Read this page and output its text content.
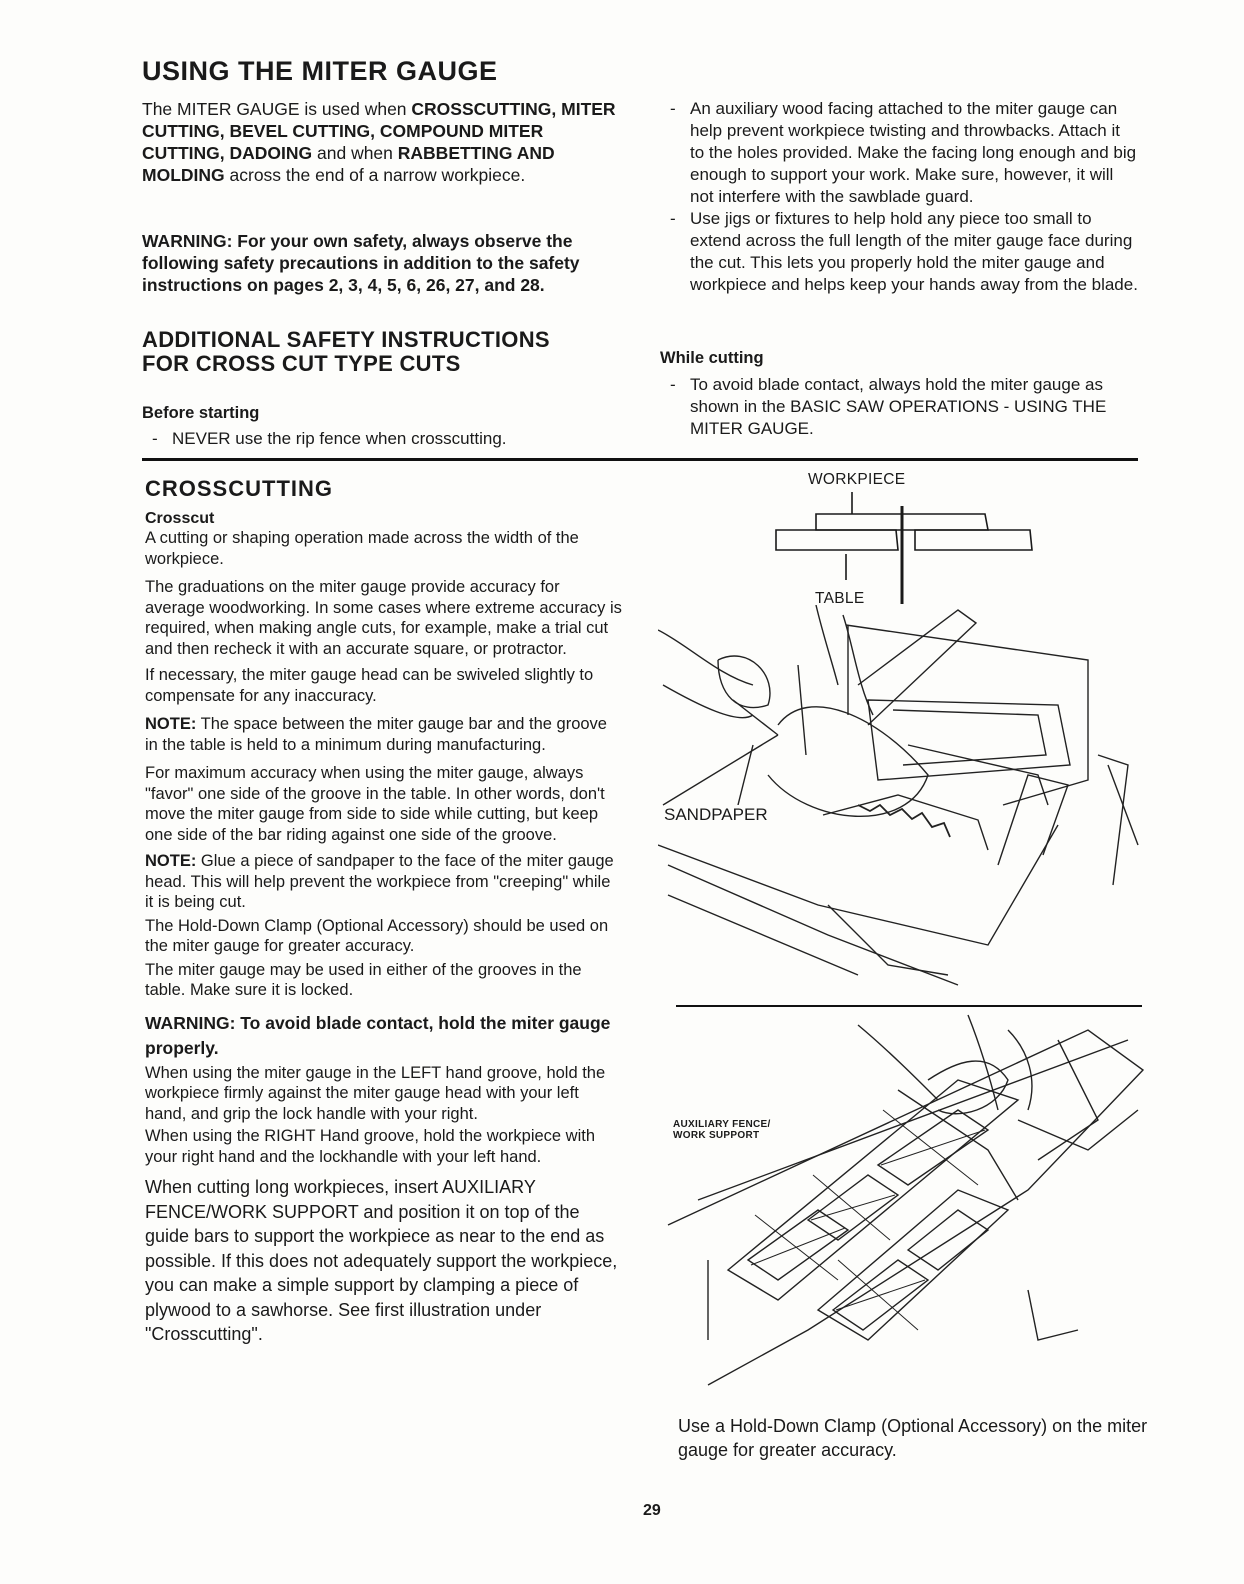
USING THE MITER GAUGE

The MITER GAUGE is used when CROSSCUTTING, MITER CUTTING, BEVEL CUTTING, COMPOUND MITER CUTTING, DADOING and when RABBETTING AND MOLDING across the end of a narrow workpiece.

WARNING: For your own safety, always observe the following safety precautions in addition to the safety instructions on pages 2, 3, 4, 5, 6, 26, 27, and 28.

ADDITIONAL SAFETY INSTRUCTIONS
FOR CROSS CUT TYPE CUTS
Before starting
- NEVER use the rip fence when crosscutting.
- An auxiliary wood facing attached to the miter gauge can help prevent workpiece twisting and throwbacks. Attach it to the holes provided. Make the facing long enough and big enough to support your work. Make sure, however, it will not interfere with the sawblade guard.
- Use jigs or fixtures to help hold any piece too small to extend across the full length of the miter gauge face during the cut. This lets you properly hold the miter gauge and workpiece and helps keep your hands away from the blade.
While cutting
- To avoid blade contact, always hold the miter gauge as shown in the BASIC SAW OPERATIONS - USING THE MITER GAUGE.
CROSSCUTTING
Crosscut

A cutting or shaping operation made across the width of the workpiece.

The graduations on the miter gauge provide accuracy for average woodworking. In some cases where extreme accuracy is required, when making angle cuts, for example, make a trial cut and then recheck it with an accurate square, or protractor.

If necessary, the miter gauge head can be swiveled slightly to compensate for any inaccuracy.

NOTE: The space between the miter gauge bar and the groove in the table is held to a minimum during manufacturing.

For maximum accuracy when using the miter gauge, always "favor" one side of the groove in the table. In other words, don't move the miter gauge from side to side while cutting, but keep one side of the bar riding against one side of the groove.

NOTE: Glue a piece of sandpaper to the face of the miter gauge head. This will help prevent the workpiece from "creeping" while it is being cut.

The Hold-Down Clamp (Optional Accessory) should be used on the miter gauge for greater accuracy.

The miter gauge may be used in either of the grooves in the table. Make sure it is locked.

WARNING: To avoid blade contact, hold the miter gauge properly.

When using the miter gauge in the LEFT hand groove, hold the workpiece firmly against the miter gauge head with your left hand, and grip the lock handle with your right.

When using the RIGHT Hand groove, hold the workpiece with your right hand and the lockhandle with your left hand.

When cutting long workpieces, insert AUXILIARY FENCE/WORK SUPPORT and position it on top of the guide bars to support the workpiece as near to the end as possible. If this does not adequately support the workpiece, you can make a simple support by clamping a piece of plywood to a sawhorse. See first illustration under "Crosscutting".

WORKPIECE
TABLE
SANDPAPER
AUXILIARY FENCE/
WORK SUPPORT

Use a Hold-Down Clamp (Optional Accessory) on the miter gauge for greater accuracy.

29
